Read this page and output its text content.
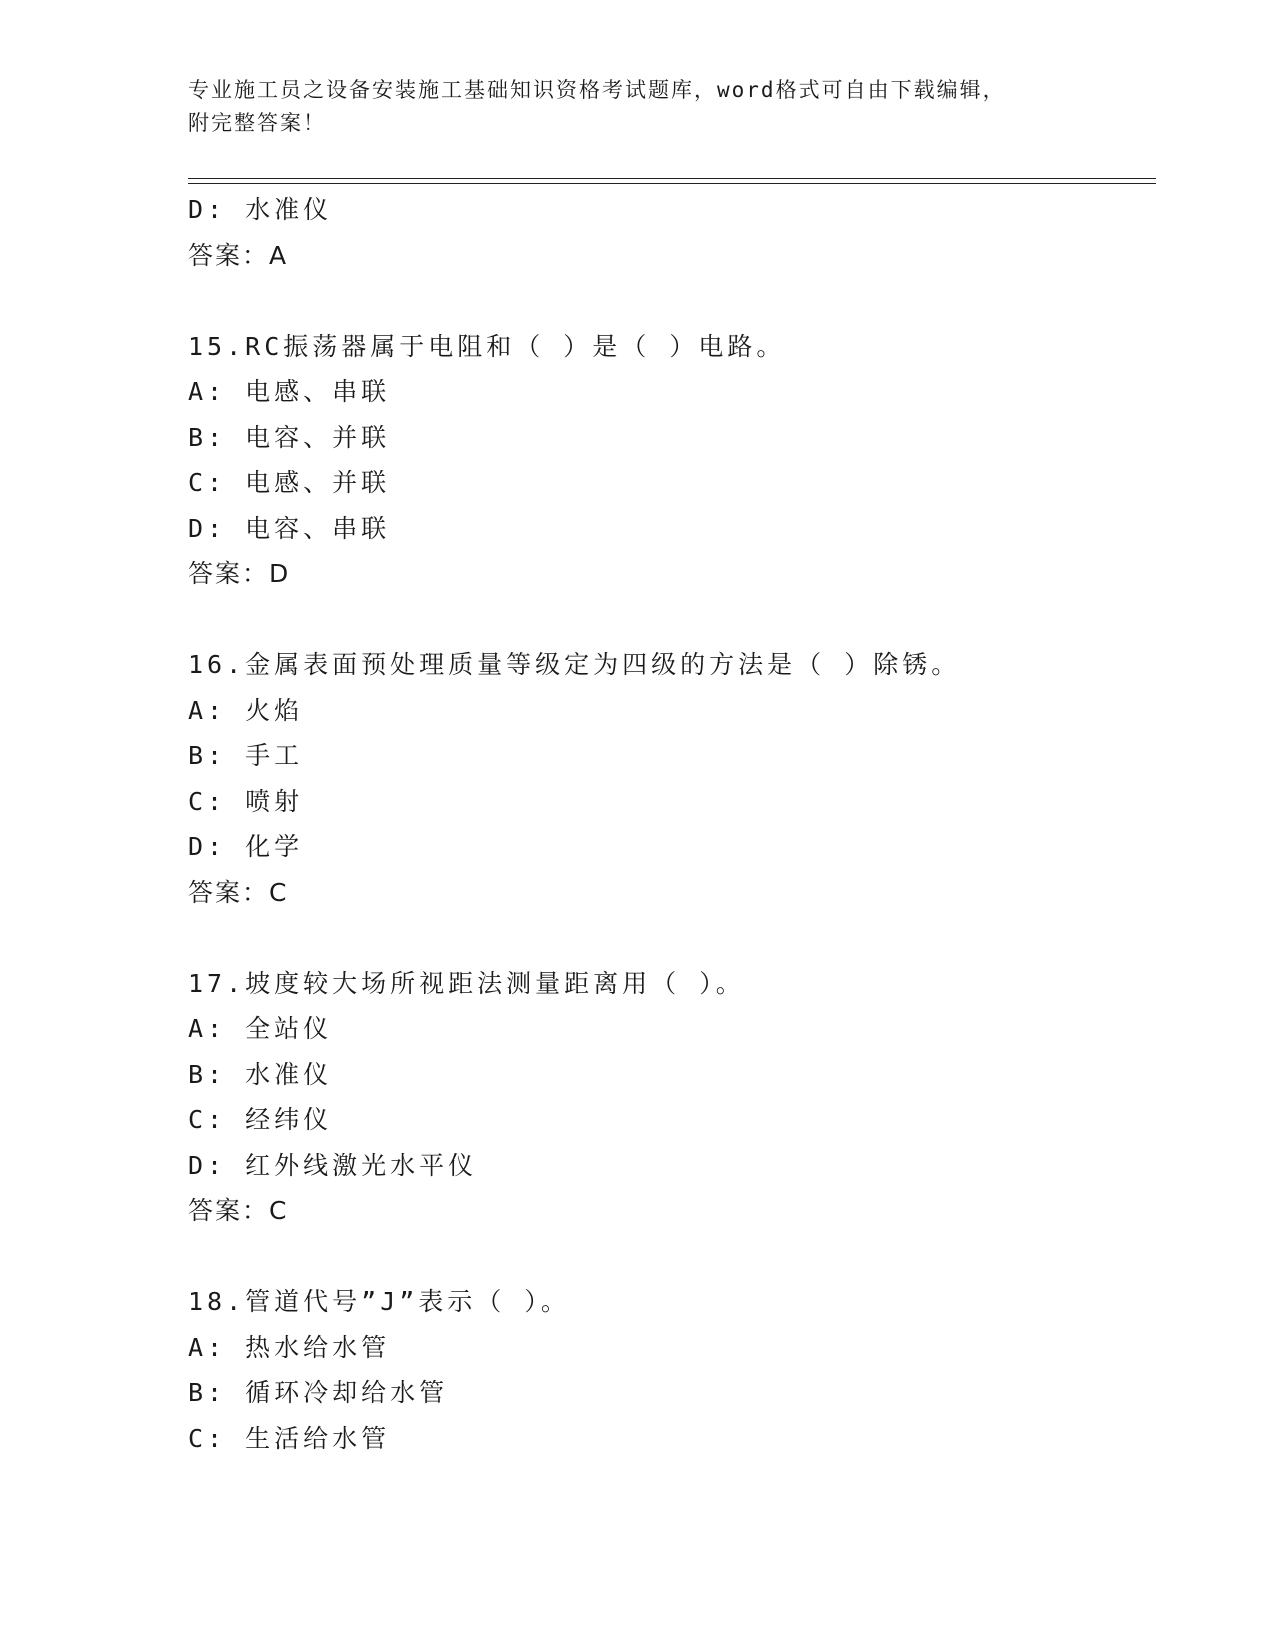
专业施工员之设备安装施工基础知识资格考试题库，word格式可自由下载编辑，
附完整答案！
D: 水准仪
答案：A
15.RC振荡器属于电阻和（ ）是（ ）电路。
A: 电感、串联
B: 电容、并联
C: 电感、并联
D: 电容、串联
答案：D
16.金属表面预处理质量等级定为四级的方法是（ ）除锈。
A: 火焰
B: 手工
C: 喷射
D: 化学
答案：C
17.坡度较大场所视距法测量距离用（ ）。
A: 全站仪
B: 水准仪
C: 经纬仪
D: 红外线激光水平仪
答案：C
18.管道代号”J”表示（ ）。
A: 热水给水管
B: 循环冷却给水管
C: 生活给水管
